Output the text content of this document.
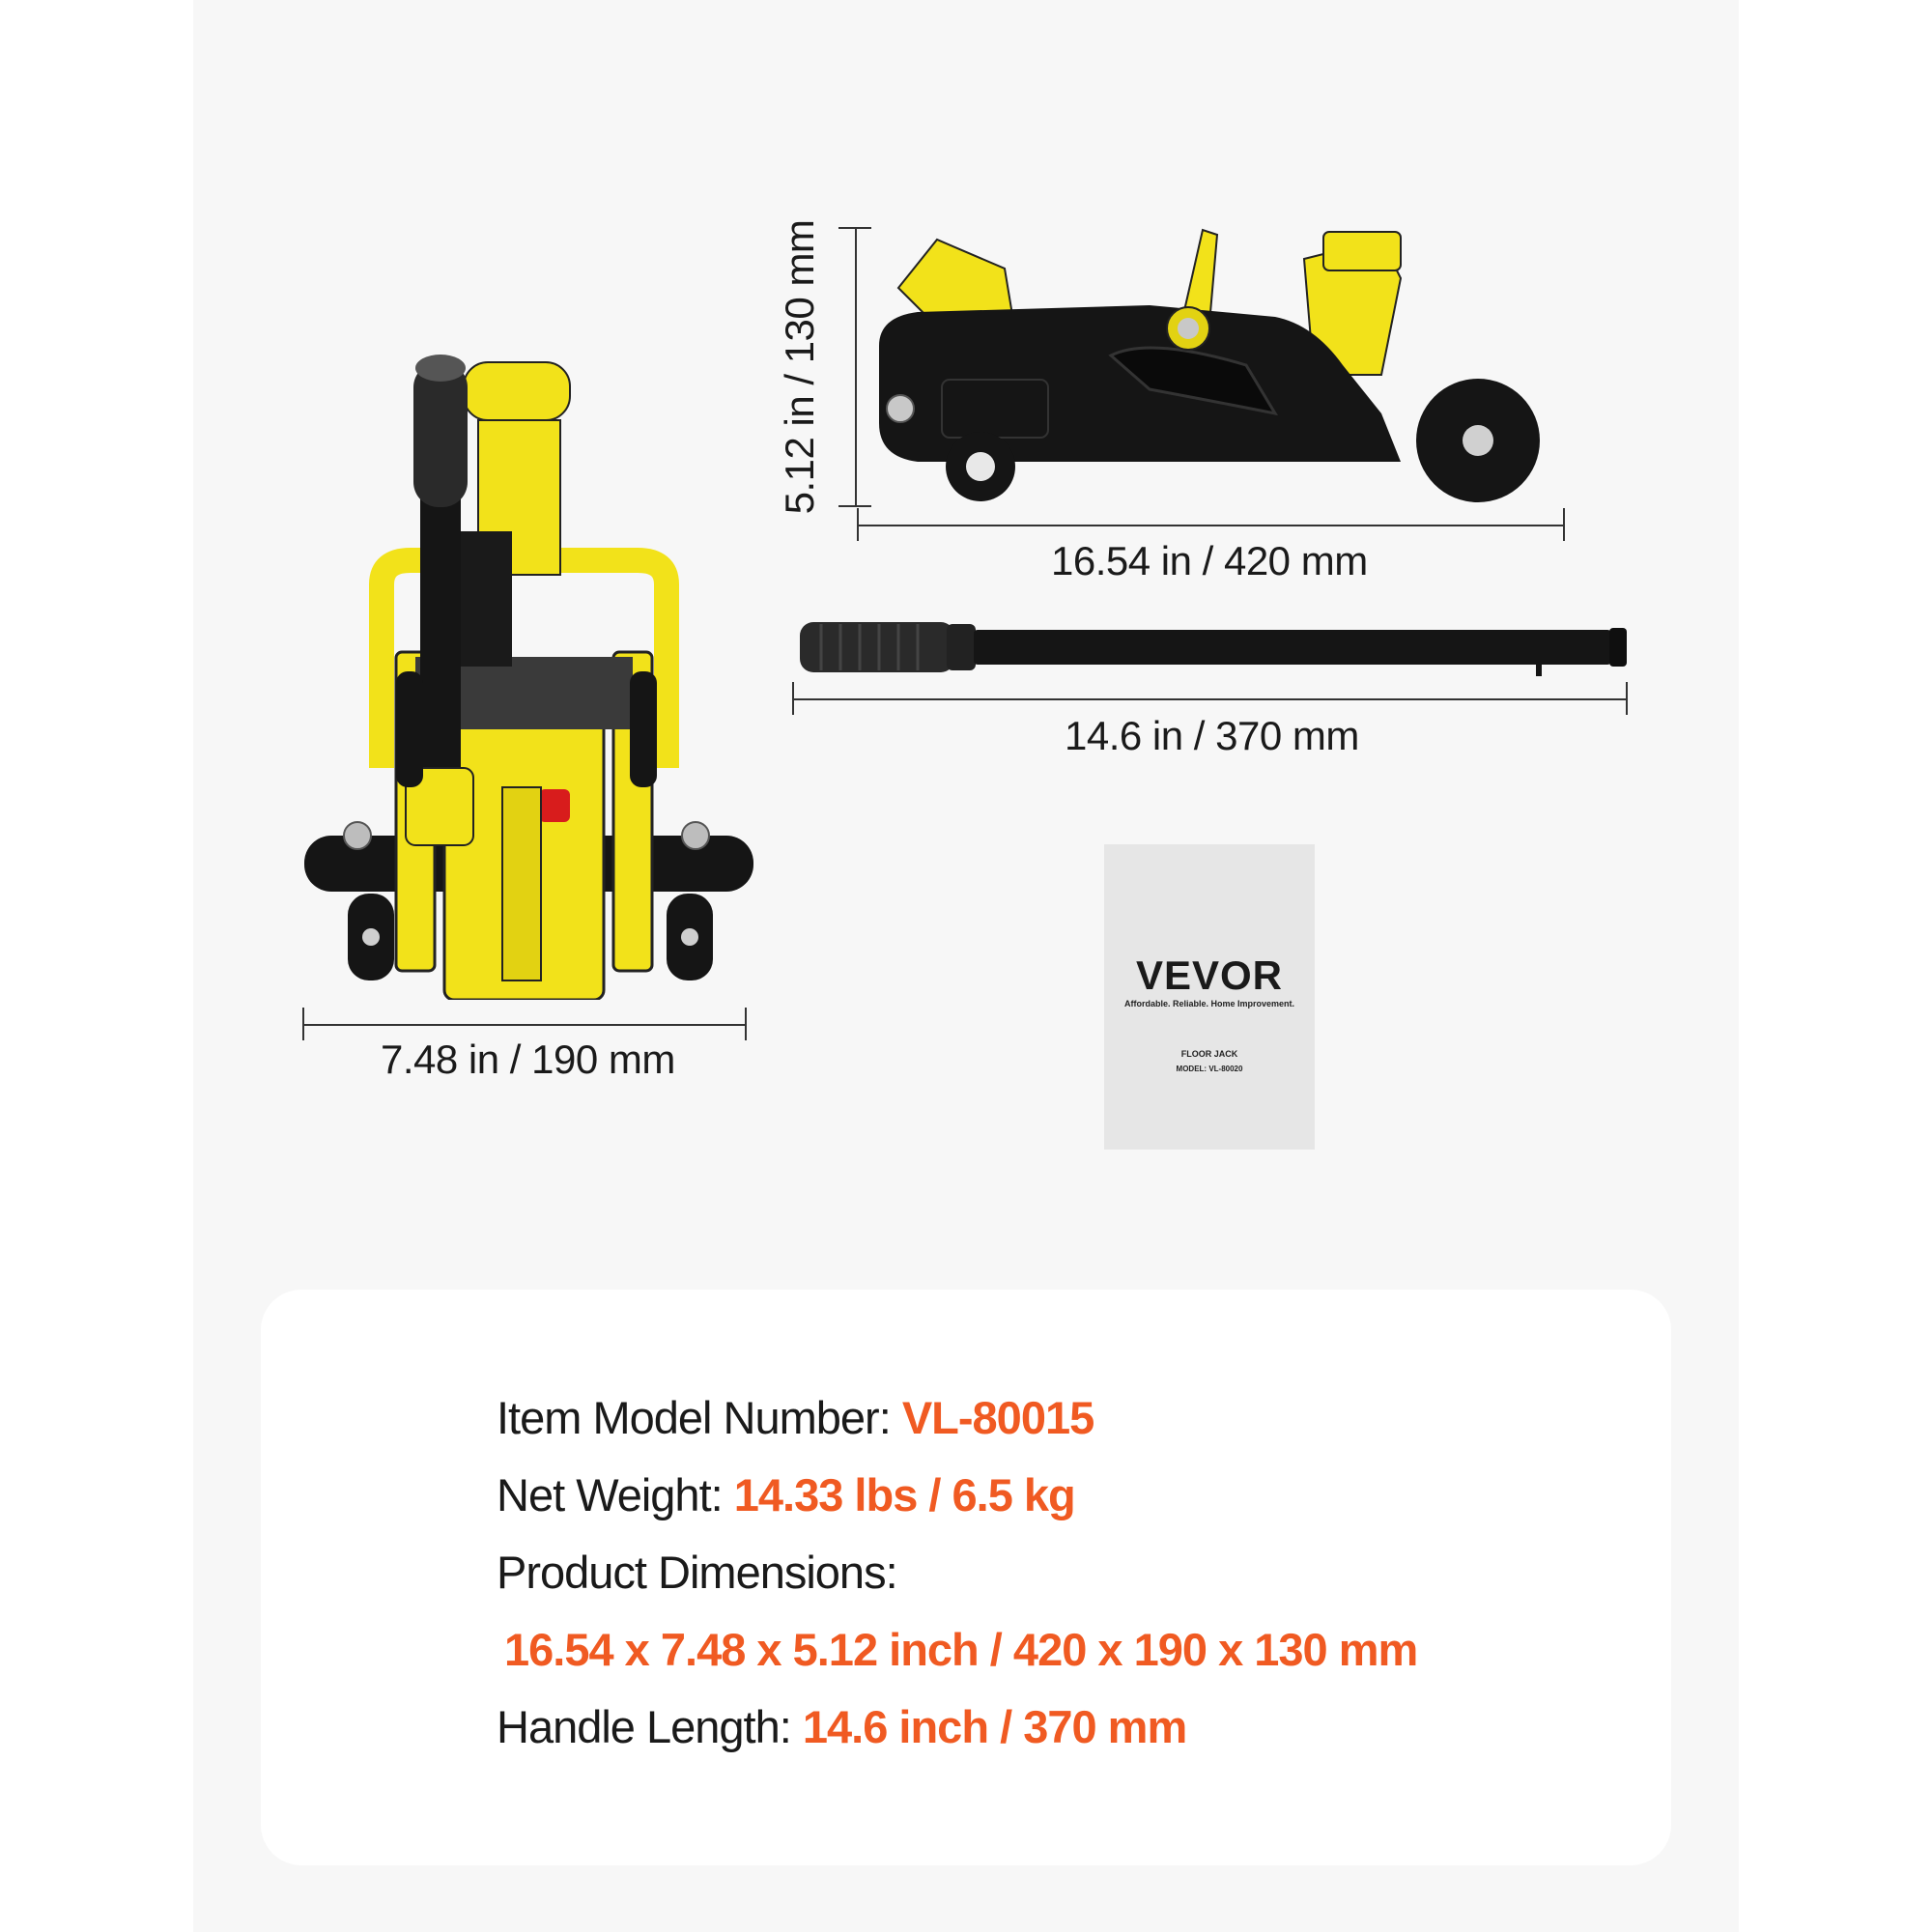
7.48 in / 190 mm
5.12 in / 130 mm
16.54 in / 420 mm
14.6 in / 370 mm
VEVOR
Affordable. Reliable. Home Improvement.
FLOOR JACK
MODEL: VL-80020
Item Model Number: VL-80015
Net Weight: 14.33 lbs / 6.5 kg
Product Dimensions:
16.54 x 7.48 x 5.12 inch / 420 x 190 x 130 mm
Handle Length: 14.6 inch / 370 mm
